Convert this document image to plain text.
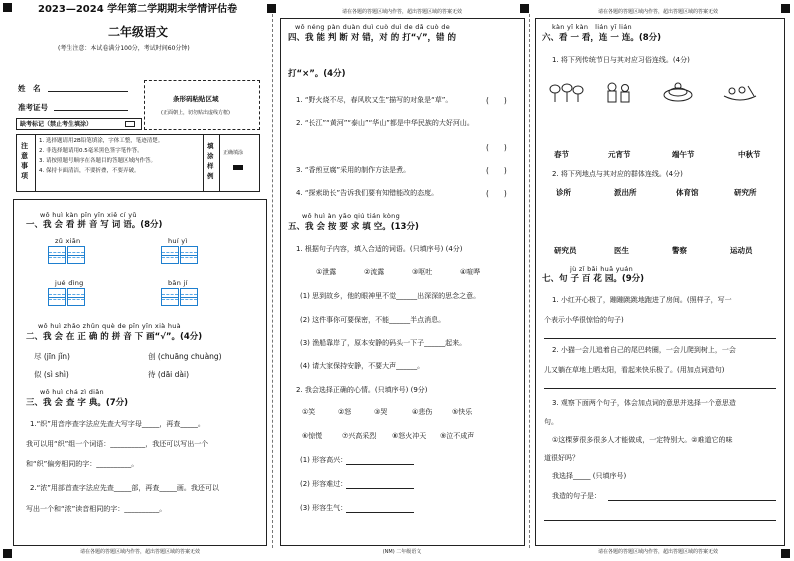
请在各题的答题区域内作答，超出答题区域的答案无效	请在各题的答题区域内作答，超出答题区域的答案无效
请在各题的答题区域内作答，超出答题区域的答案无效	(NM) 二年级语文	请在各题的答题区域内作答，超出答题区域的答案无效
2023—2024 学年第二学期期末学情评估卷
二年级语文
(考生注意：本试卷满分100分，考试时间60分钟)
姓　名
准考证号
缺考标记（禁止考生填涂）
条形码粘贴区域
(正面朝上，切勿贴出虚线方框)
注意事项
1. 选择题请用2B铅笔填涂，字体工整，笔迹清楚。
2. 非选择题请用0.5毫米黑色签字笔作答。
3. 请按照题号顺序在各题目的答题区域内作答。
4. 保持卡面清洁，不要折叠，不要弄破。
填涂样例
正确填涂
wǒ huì kàn pīn yīn xiě cí yǔ
一、我 会 看 拼 音 写 词 语。(8分)
zǔ xiān	huí yì
jué dìng	bān jí
wǒ huì zhǎo zhǔn què de pīn yīn xià huà
二、我 会 在 正 确 的 拼 音 下 画“√”。(4分)
尽 (jīn jǐn)	创 (chuāng chuàng)
似 (sì shì)	待 (dāi dài)
wǒ huì chá zì diǎn
三、我 会 查 字 典。(7分)
1.“织”用音序查字法应先查大写字母_____，再查_____。
我可以用“织”组一个词语：__________，我还可以写出一个
和“织”偏旁相同的字：__________。
2.“浓”用部首查字法应先查_____部，再查_____画。我还可以
写出一个和“浓”读音相同的字：__________。
wǒ néng pàn duàn duì cuò duì de dǎ cuò de
四、我 能 判 断 对 错，对 的 打“√”，错 的
打“×”。(4分)
1. “野火烧不尽，春风吹又生”描写的对象是“草”。	(　　)
2. “长江”“黄河”“泰山”“华山”都是中华民族的大好河山。
(　　)
3. “香煎豆腐”采用的制作方法是煮。	(　　)
4. “探索助长”告诉我们要有知错能改的态度。	(　　)
wǒ huì àn yāo qiú tián kòng
五、我 会 按 要 求 填 空。(13分)
1. 根据句子内容，填入合适的词语。(只填序号) (4分)
①泄露	②流露	③呕吐	④喧哗
(1) 思到故乡，他的眼神里不觉______出深深的思念之意。
(2) 这件事你可要保密，不能______半点消息。
(3) 渔船靠岸了，原本安静的码头一下子______起来。
(4) 请大家保持安静，不要大声______。
2. 我会选择正确的心情。(只填序号) (9分)
①笑	②怒	③哭	④悲伤	⑤快乐
⑥惊慌	⑦兴高采烈 ⑧怒火冲天 ⑨泣不成声
(1) 形容高兴：
(2) 形容难过：
(3) 形容生气：
kàn yī kàn　lián yī lián
六、看 一 看，连 一 连。(8分)
1. 将下列传统节日与其对应习俗连线。(4分)
春节	元宵节	端午节	中秋节
2. 将下列地点与其对应的群体连线。(4分)
诊所	派出所	体育馆	研究所
研究员	医生	警察	运动员
jù zǐ bǎi huā yuán
七、句 子 百 花 园。(9分)
1. 小红开心极了，蹦蹦跳跳地跑进了房间。(照样子，写一
个表示小华很惊恰的句子)
2. 小猫一会儿追着自己的尾巴转圈，一会儿爬到树上，一会
儿又躺在草地上晒太阳，看起来快乐极了。(用加点词造句)
3. 观察下面两个句子，体会加点词的意思并选择一个意思造
句。
①这棵萝很多很多人才能做成，一定特别大。②难道它的味
道很好吗？
我选择_____ (只填序号)
我造的句子是：
